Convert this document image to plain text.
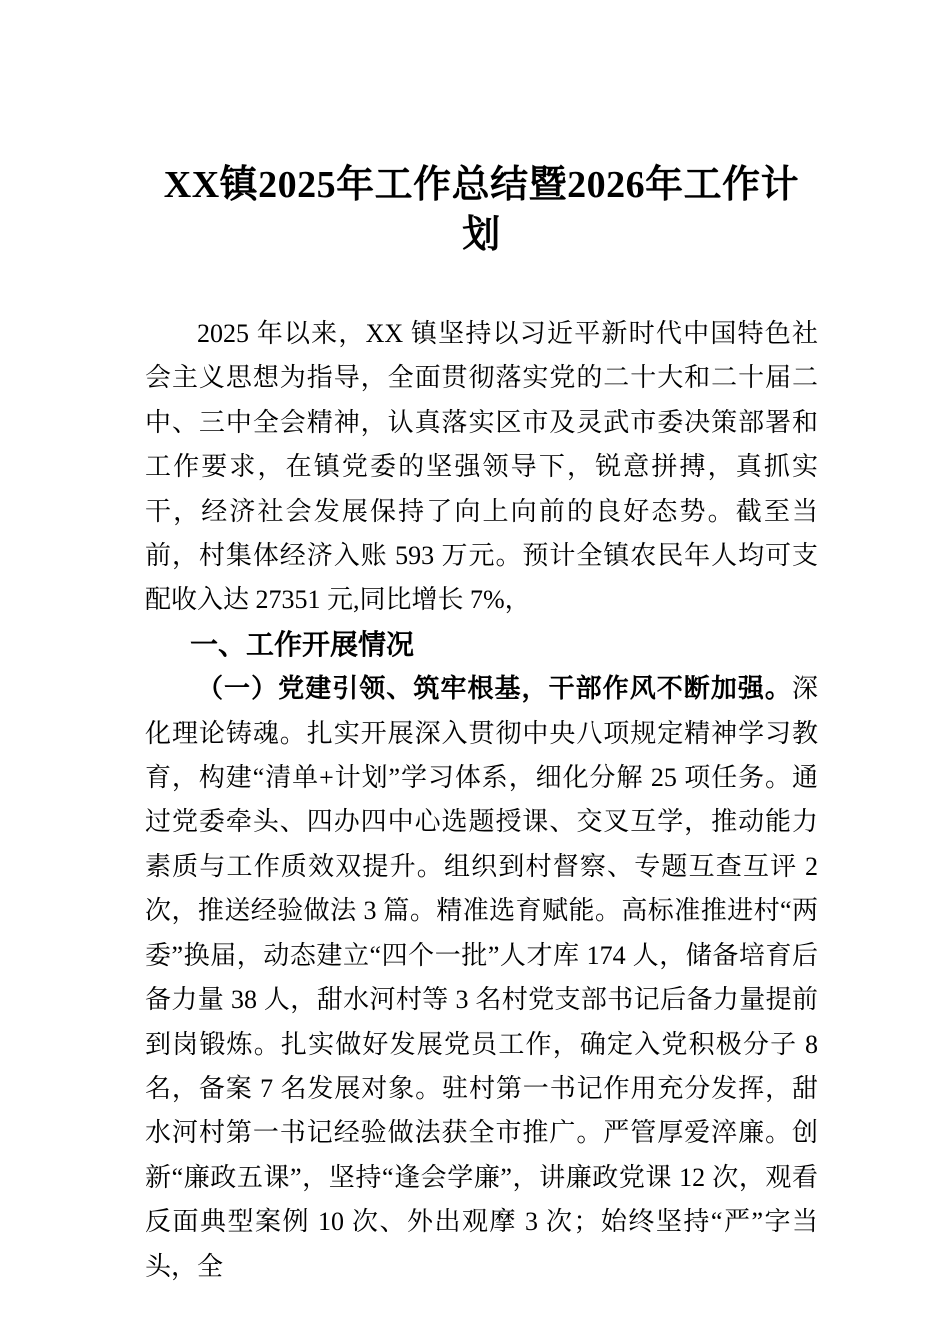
XX镇2025年工作总结暨2026年工作计划

2025 年以来，XX 镇坚持以习近平新时代中国特色社会主义思想为指导，全面贯彻落实党的二十大和二十届二中、三中全会精神，认真落实区市及灵武市委决策部署和工作要求，在镇党委的坚强领导下，锐意拼搏，真抓实干，经济社会发展保持了向上向前的良好态势。截至当前，村集体经济入账 593 万元。预计全镇农民年人均可支配收入达 27351 元,同比增长 7%，

一、工作开展情况

（一）党建引领、筑牢根基，干部作风不断加强。深化理论铸魂。扎实开展深入贯彻中央八项规定精神学习教育，构建“清单+计划”学习体系，细化分解 25 项任务。通过党委牵头、四办四中心选题授课、交叉互学，推动能力素质与工作质效双提升。组织到村督察、专题互查互评 2 次，推送经验做法 3 篇。精准选育赋能。高标准推进村“两委”换届，动态建立“四个一批”人才库 174 人，储备培育后备力量 38 人，甜水河村等 3 名村党支部书记后备力量提前到岗锻炼。扎实做好发展党员工作，确定入党积极分子 8 名，备案 7 名发展对象。驻村第一书记作用充分发挥，甜水河村第一书记经验做法获全市推广。严管厚爱淬廉。创新“廉政五课”，坚持“逢会学廉”，讲廉政党课 12 次，观看反面典型案例 10 次、外出观摩 3 次；始终坚持“严”字当头，全
